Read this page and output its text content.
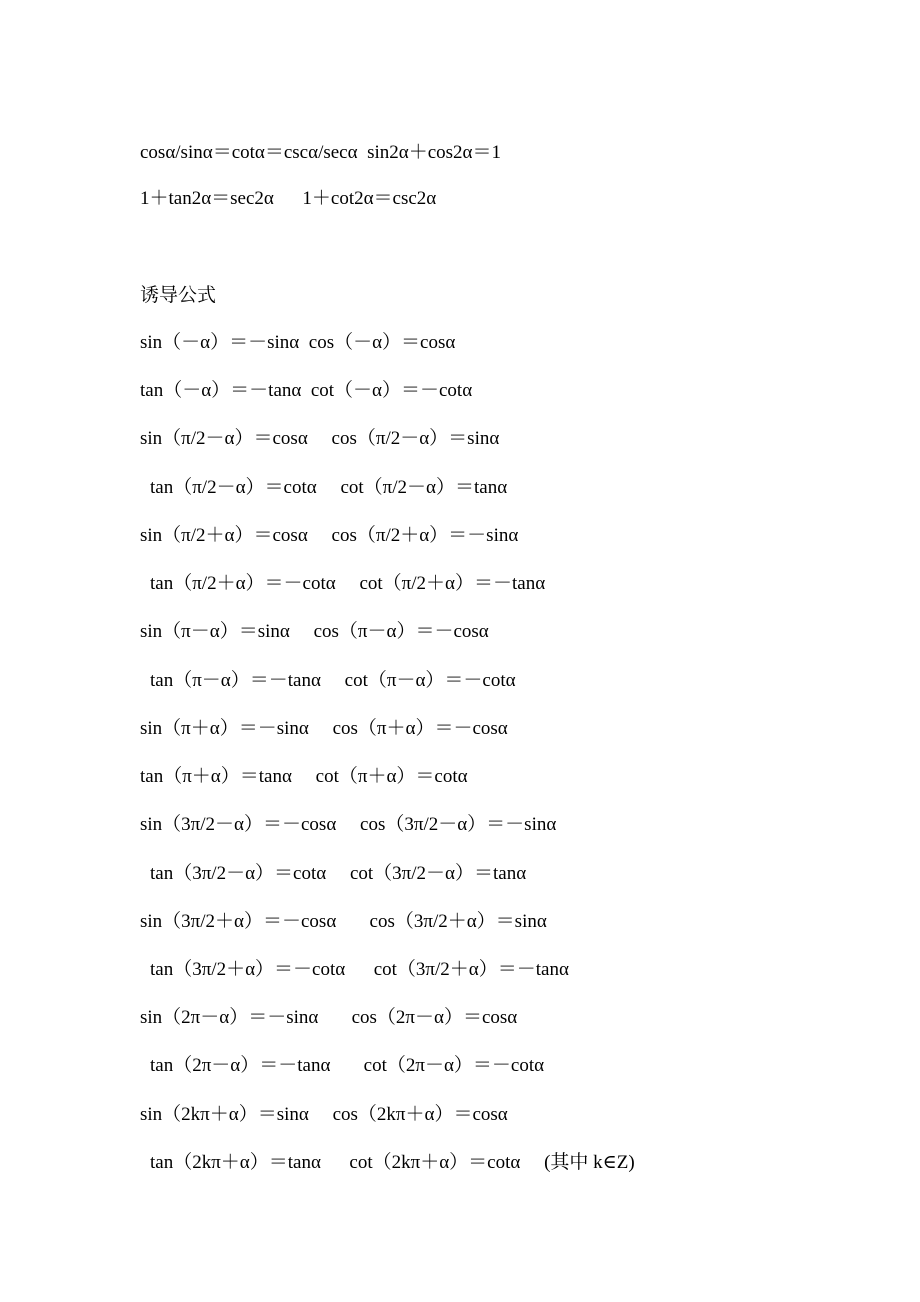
cosα/sinα＝cotα＝cscα/secα  sin2α＋cos2α＝1
1＋tan2α＝sec2α      1＋cot2α＝csc2α
诱导公式
sin（－α）＝－sinα  cos（－α）＝cosα
tan（－α）＝－tanα  cot（－α）＝－cotα
sin（π/2－α）＝cosα     cos（π/2－α）＝sinα
tan（π/2－α）＝cotα     cot（π/2－α）＝tanα
sin（π/2＋α）＝cosα     cos（π/2＋α）＝－sinα
tan（π/2＋α）＝－cotα     cot（π/2＋α）＝－tanα
sin（π－α）＝sinα     cos（π－α）＝－cosα
tan（π－α）＝－tanα     cot（π－α）＝－cotα
sin（π＋α）＝－sinα     cos（π＋α）＝－cosα
tan（π＋α）＝tanα     cot（π＋α）＝cotα
sin（3π/2－α）＝－cosα     cos（3π/2－α）＝－sinα
tan（3π/2－α）＝cotα     cot（3π/2－α）＝tanα
sin（3π/2＋α）＝－cosα       cos（3π/2＋α）＝sinα
tan（3π/2＋α）＝－cotα      cot（3π/2＋α）＝－tanα
sin（2π－α）＝－sinα       cos（2π－α）＝cosα
tan（2π－α）＝－tanα       cot（2π－α）＝－cotα
sin（2kπ＋α）＝sinα     cos（2kπ＋α）＝cosα
tan（2kπ＋α）＝tanα      cot（2kπ＋α）＝cotα     (其中 k∈Z)
